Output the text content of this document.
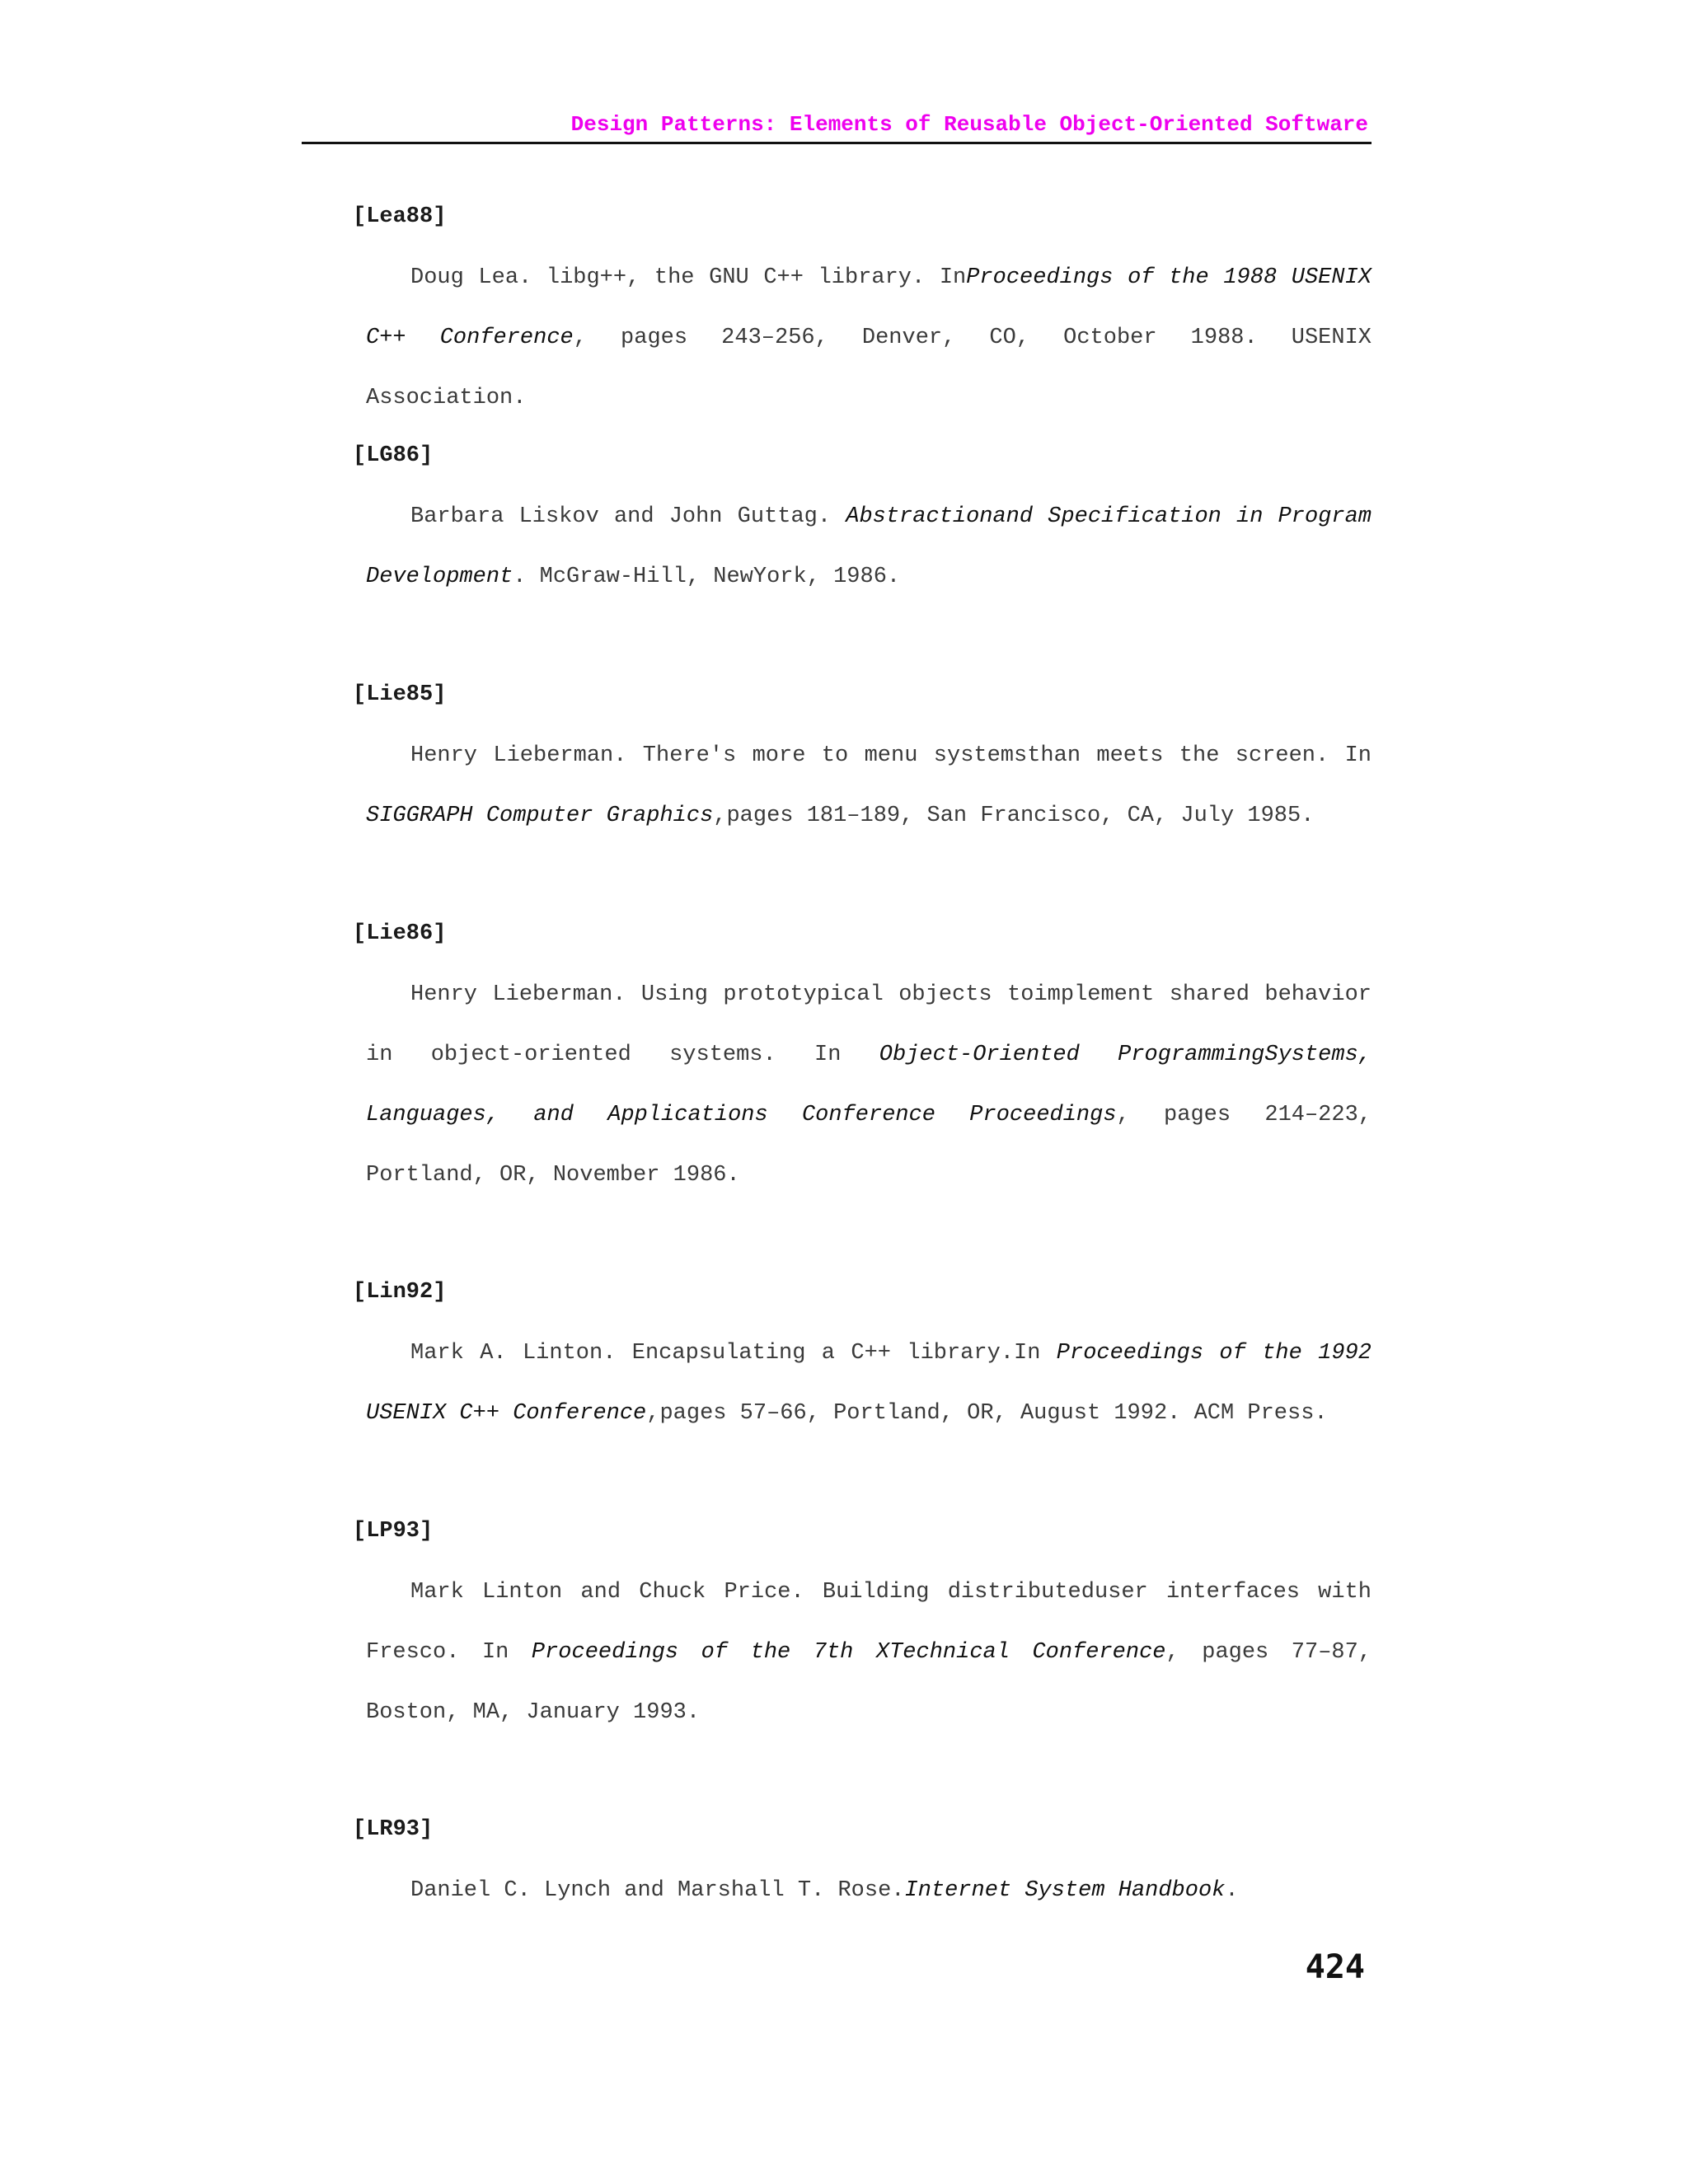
Design Patterns: Elements of Reusable Object-Oriented Software
[Lea88]
Doug Lea. libg++, the GNU C++ library. InProceedings of the 1988 USENIX C++ Conference, pages 243–256, Denver, CO, October 1988. USENIX Association.
[LG86]
Barbara Liskov and John Guttag. Abstractionand Specification in Program Development. McGraw-Hill, NewYork, 1986.
[Lie85]
Henry Lieberman. There's more to menu systemsthan meets the screen. In SIGGRAPH Computer Graphics,pages 181–189, San Francisco, CA, July 1985.
[Lie86]
Henry Lieberman. Using prototypical objects toimplement shared behavior in object-oriented systems. In Object-Oriented ProgrammingSystems, Languages, and Applications Conference Proceedings, pages 214–223, Portland, OR, November 1986.
[Lin92]
Mark A. Linton. Encapsulating a C++ library.In Proceedings of the 1992 USENIX C++ Conference,pages 57–66, Portland, OR, August 1992. ACM Press.
[LP93]
Mark Linton and Chuck Price. Building distributeduser interfaces with Fresco. In Proceedings of the 7th XTechnical Conference, pages 77–87, Boston, MA, January 1993.
[LR93]
Daniel C. Lynch and Marshall T. Rose.Internet System Handbook.
424
